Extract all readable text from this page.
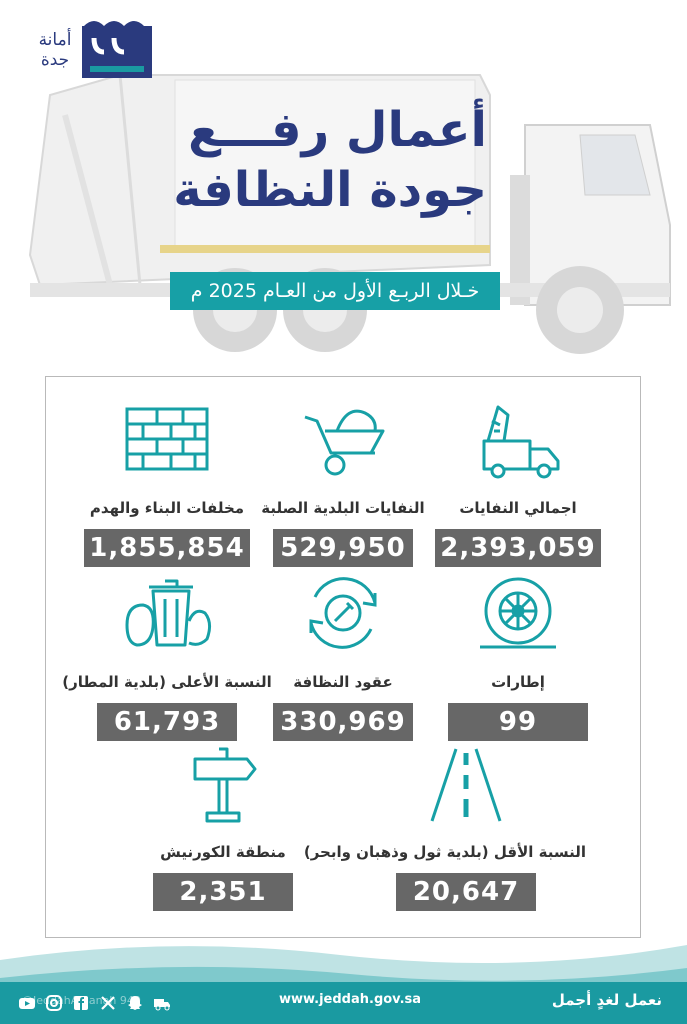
أمانة
جدة
أعمال رفـــع
جودة النظافة
خـلال الربـع الأول من العـام 2025 م
اجمالي النفايات
2,393,059
النفايات البلدية الصلبة
529,950
مخلفات البناء والهدم
1,855,854
إطارات
99
عقود النظافة
330,969
النسبة الأعلى (بلدية المطار)
61,793
النسبة الأقل (بلدية ثول وذهبان وابحر)
20,647
منطقة الكورنيش
2,351
نعمل لغدٍ أجمل
www.jeddah.gov.sa
@JeddahAmanah 940
